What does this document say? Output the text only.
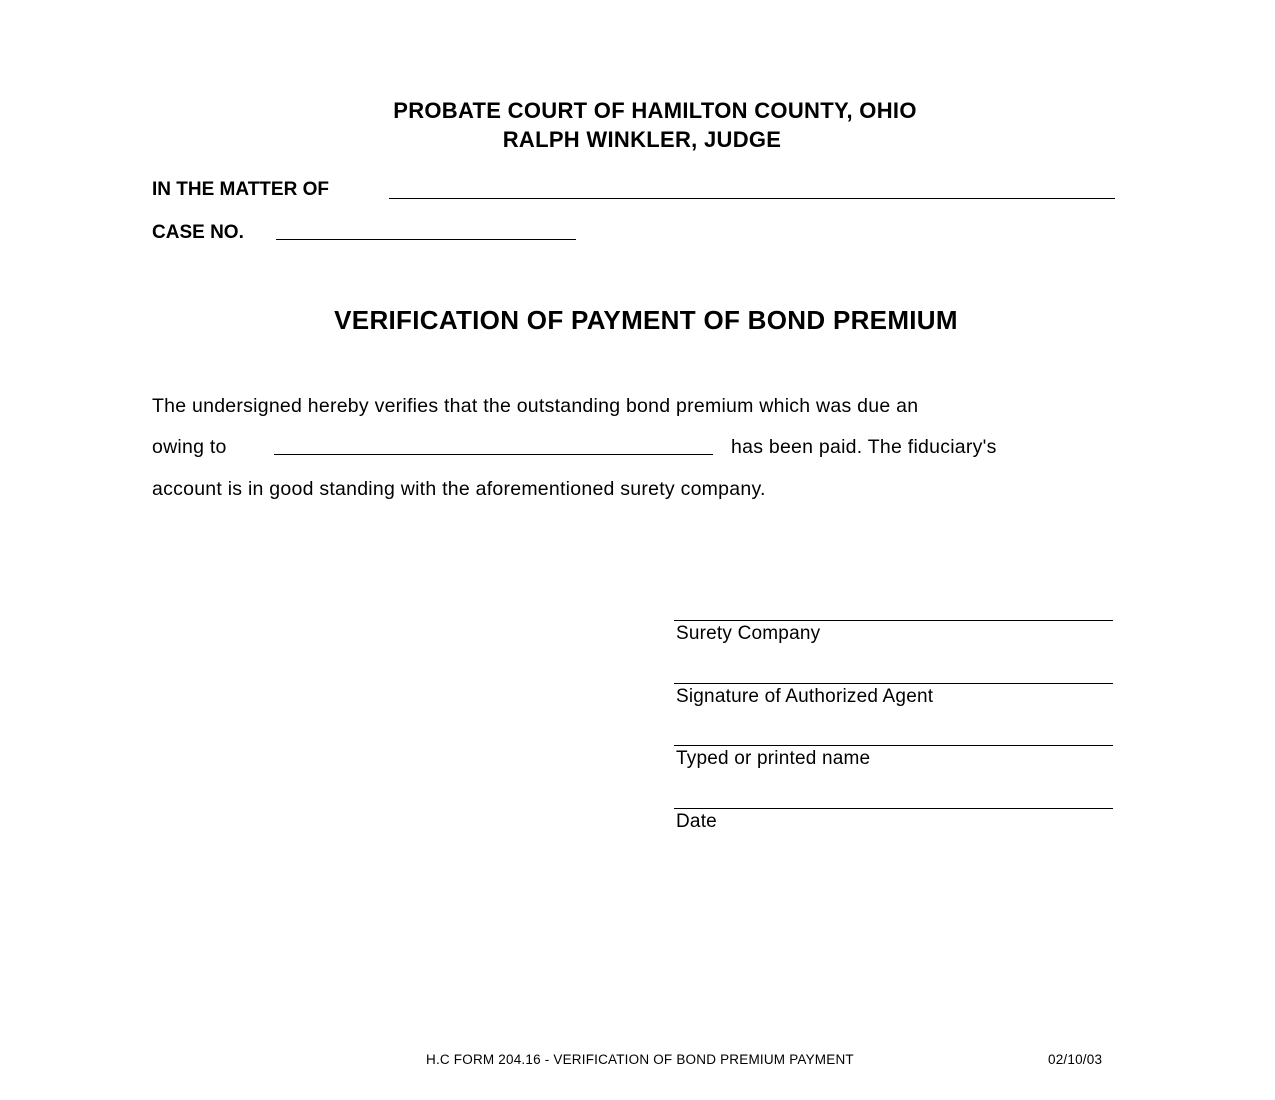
PROBATE COURT OF HAMILTON COUNTY, OHIO
RALPH WINKLER, JUDGE
IN THE MATTER OF
CASE NO.
VERIFICATION OF PAYMENT OF BOND PREMIUM
The undersigned hereby verifies that the outstanding bond premium which was due an
owing to	has been paid. The fiduciary's
account is in good standing with the aforementioned surety company.
Surety Company
Signature of Authorized Agent
Typed or printed name
Date
H.C FORM 204.16 - VERIFICATION OF BOND PREMIUM PAYMENT	02/10/03
